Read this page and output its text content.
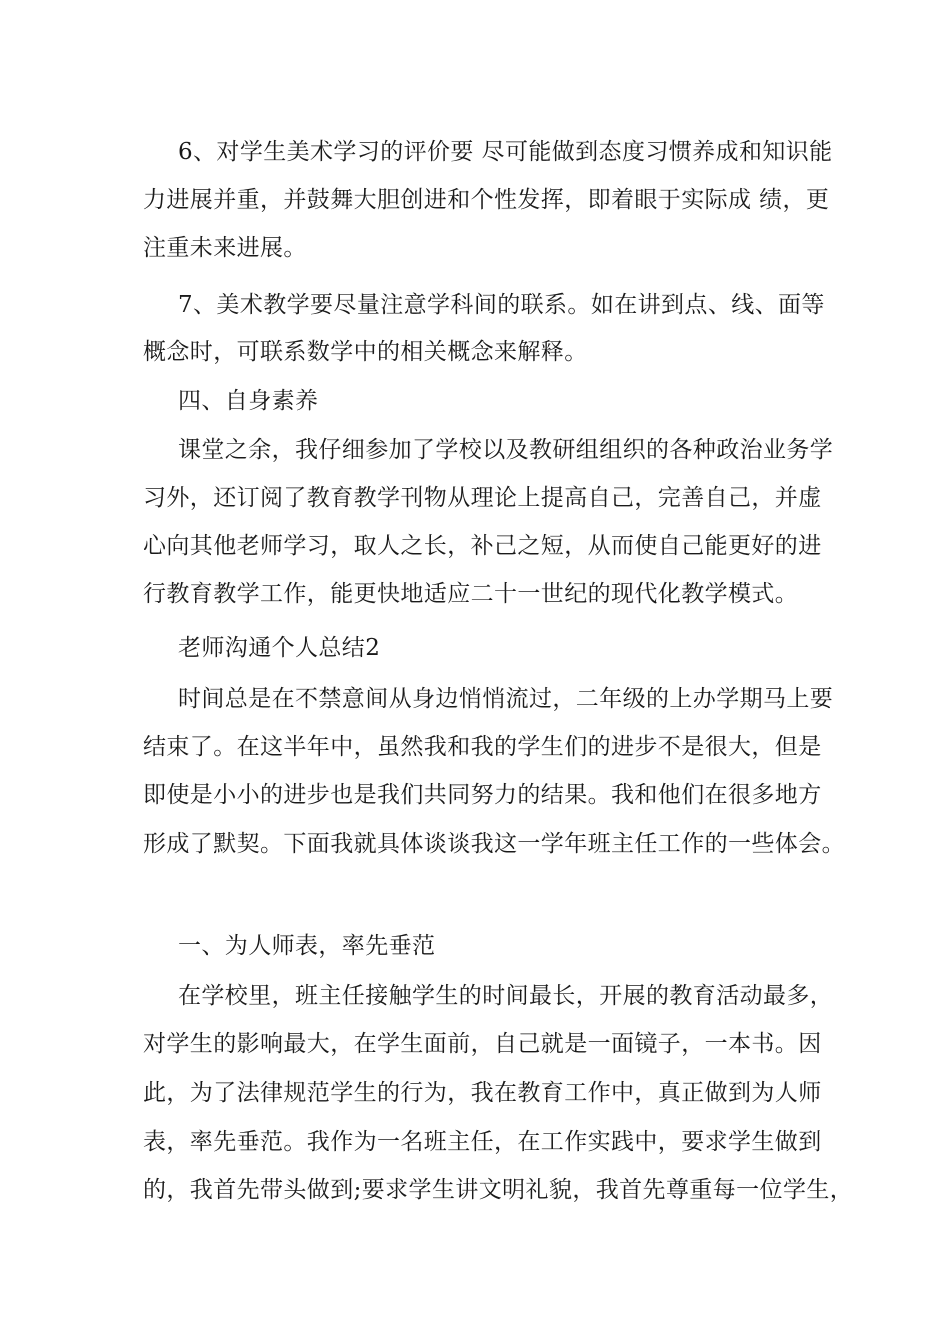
6、对学生美术学习的评价要 尽可能做到态度习惯养成和知识能
力进展并重，并鼓舞大胆创进和个性发挥，即着眼于实际成 绩，更
注重未来进展。
7、美术教学要尽量注意学科间的联系。如在讲到点、线、面等
概念时，可联系数学中的相关概念来解释。
四、自身素养
课堂之余，我仔细参加了学校以及教研组组织的各种政治业务学
习外，还订阅了教育教学刊物从理论上提高自己，完善自己，并虚
心向其他老师学习，取人之长，补己之短，从而使自己能更好的进
行教育教学工作，能更快地适应二十一世纪的现代化教学模式。
老师沟通个人总结2
时间总是在不禁意间从身边悄悄流过，二年级的上办学期马上要
结束了。在这半年中，虽然我和我的学生们的进步不是很大，但是
即使是小小的进步也是我们共同努力的结果。我和他们在很多地方
形成了默契。下面我就具体谈谈我这一学年班主任工作的一些体会。
一、为人师表，率先垂范
在学校里，班主任接触学生的时间最长，开展的教育活动最多，
对学生的影响最大，在学生面前，自己就是一面镜子，一本书。因
此，为了法律规范学生的行为，我在教育工作中，真正做到为人师
表，率先垂范。我作为一名班主任，在工作实践中，要求学生做到
的，我首先带头做到;要求学生讲文明礼貌，我首先尊重每一位学生，
